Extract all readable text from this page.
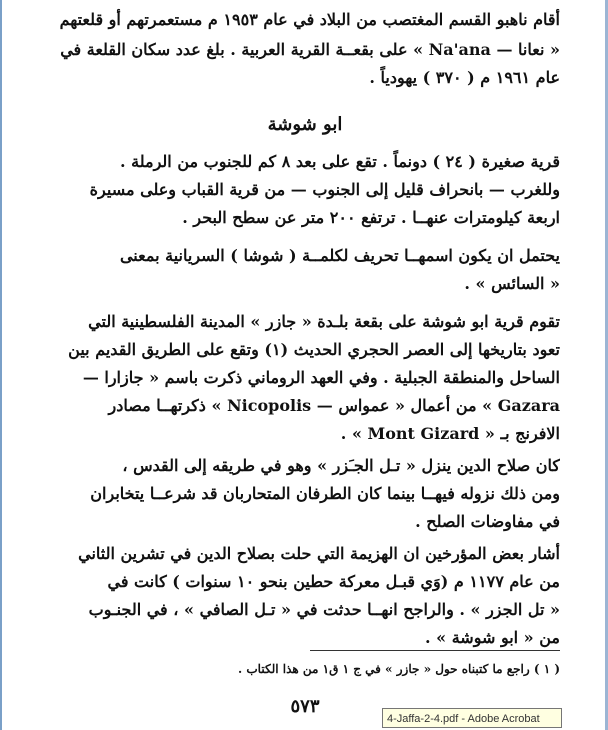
أقام ناهبو القسم المغتصب من البلاد في عام ١٩٥٣ م مستعمرتهم أو قلعتهم
« نعانا — Na'ana » على بقعــة القرية العربية . بلغ عدد سكان القلعة في
عام ١٩٦١ م ( ٣٧٠ ) يهودياً .
ابو شوشة
قرية صغيرة ( ٢٤ ) دونماً . تقع على بعد ٨ كم للجنوب من الرملة .
وللغرب — بانحراف قليل إلى الجنوب — من قرية القباب وعلى مسيرة
اربعة كيلومترات عنهــا . ترتفع ٢٠٠ متر عن سطح البحر .
يحتمل ان يكون اسمهــا تحريف لكلمــة ( شوشا ) السريانية بمعنى
« السائس » .
تقوم قرية ابو شوشة على بقعة بلـدة « جازر » المدينة الفلسطينية التي
تعود بتاريخها إلى العصر الحجري الحديث (١) وتقع على الطريق القديم بين
الساحل والمنطقة الجبلية . وفي العهد الروماني ذكرت باسم « جازارا —
Gazara » من أعمال « عمواس — Nicopolis » ذكرتهــا مصادر
الافرنج بـ « Mont Gizard » .
كان صلاح الدين ينزل « تـل الجـَزر » وهو في طريقه إلى القدس ،
ومن ذلك نزوله فيهــا بينما كان الطرفان المتحاربان قد شرعــا يتخابران
في مفاوضات الصلح .
أشار بعض المؤرخين ان الهزيمة التي حلت بصلاح الدين في تشرين الثاني
من عام ١١٧٧ م (وَي قبـل معركة حطين بنحو ١٠ سنوات ) كانت في
« تل الجزر » . والراجح انهــا حدثت في « تـل الصافي » ، في الجنـوب
من « ابو شوشة » .
( ١ ) راجع ما كتبناه حول « جازر » في ج ١ ق١ من هذا الكتاب .
٥٧٣
4-Jaffa-2-4.pdf - Adobe Acrobat
